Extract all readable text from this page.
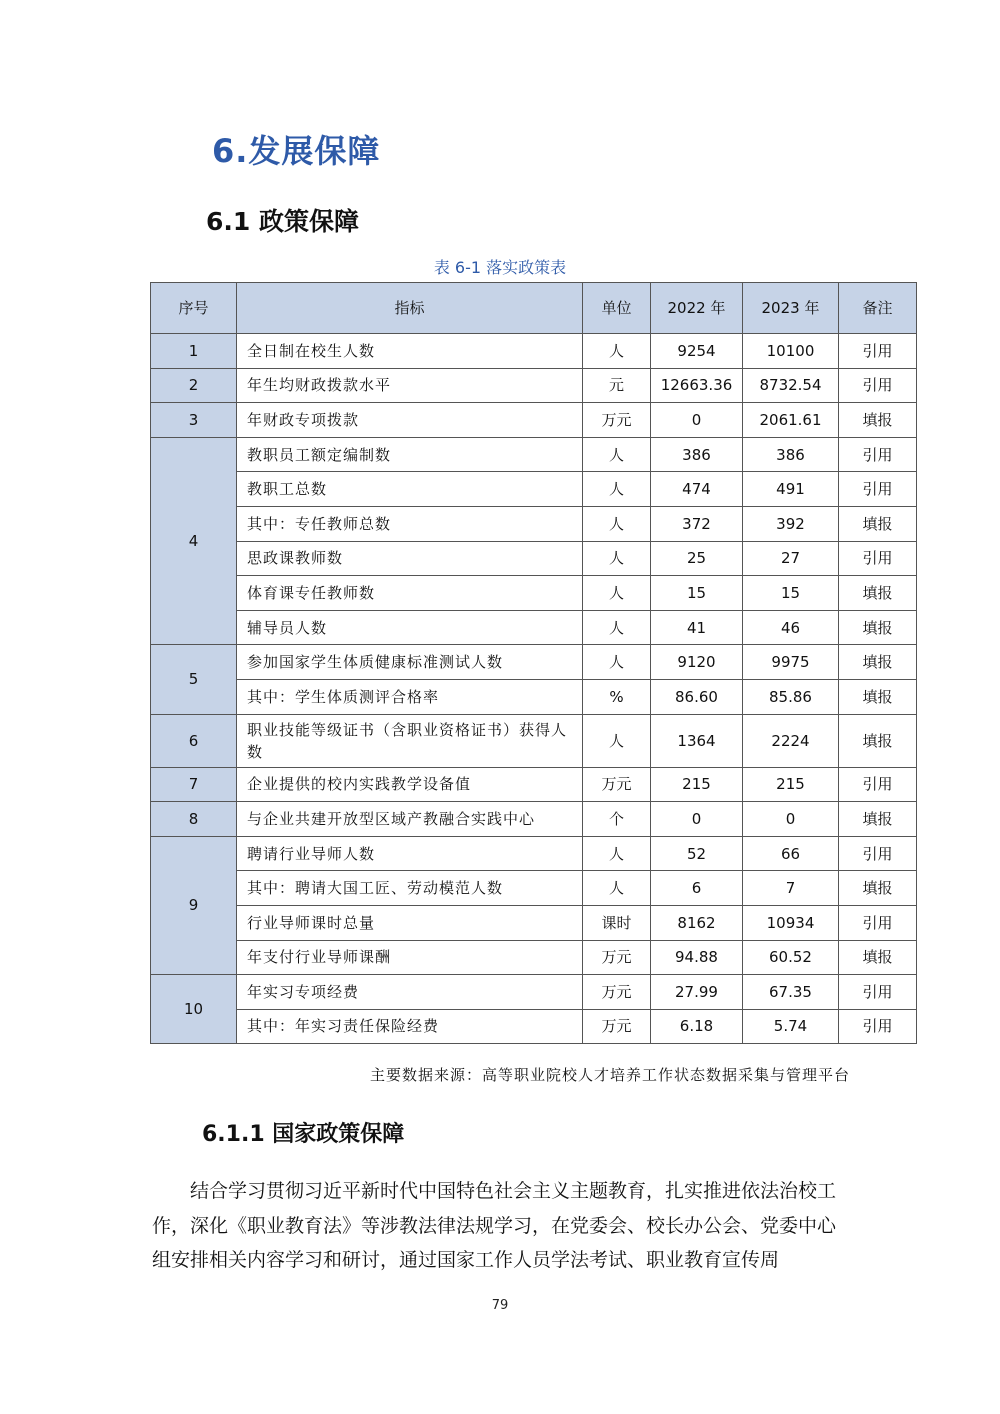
6.发展保障
6.1 政策保障
表 6-1 落实政策表
序号	指标	单位	2022 年	2023 年	备注
1	全日制在校生人数	人	9254	10100	引用
2	年生均财政拨款水平	元	12663.36	8732.54	引用
3	年财政专项拨款	万元	0	2061.61	填报
4	教职员工额定编制数	人	386	386	引用
	教职工总数	人	474	491	引用
	其中：专任教师总数	人	372	392	填报
	思政课教师数	人	25	27	引用
	体育课专任教师数	人	15	15	填报
	辅导员人数	人	41	46	填报
5	参加国家学生体质健康标准测试人数	人	9120	9975	填报
	其中：学生体质测评合格率	%	86.60	85.86	填报
6	职业技能等级证书（含职业资格证书）获得人数	人	1364	2224	填报
7	企业提供的校内实践教学设备值	万元	215	215	引用
8	与企业共建开放型区域产教融合实践中心	个	0	0	填报
9	聘请行业导师人数	人	52	66	引用
	其中：聘请大国工匠、劳动模范人数	人	6	7	填报
	行业导师课时总量	课时	8162	10934	引用
	年支付行业导师课酬	万元	94.88	60.52	填报
10	年实习专项经费	万元	27.99	67.35	引用
	其中：年实习责任保险经费	万元	6.18	5.74	引用
主要数据来源：高等职业院校人才培养工作状态数据采集与管理平台
6.1.1 国家政策保障

结合学习贯彻习近平新时代中国特色社会主义主题教育，扎实推进依法治校工作，深化《职业教育法》等涉教法律法规学习，在党委会、校长办公会、党委中心组安排相关内容学习和研讨，通过国家工作人员学法考试、职业教育宣传周

79
